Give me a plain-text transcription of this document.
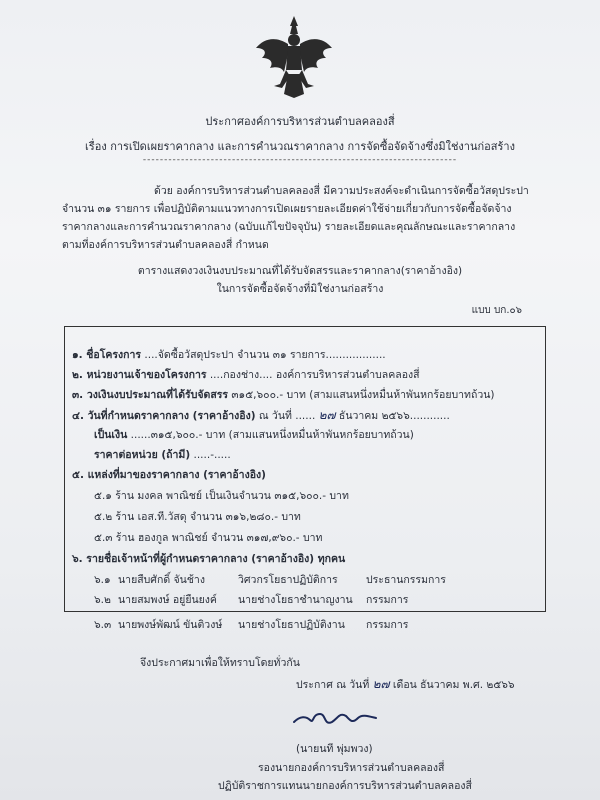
ประกาศองค์การบริหารส่วนตำบลคลองสี่
เรื่อง การเปิดเผยราคากลาง และการคำนวณราคากลาง การจัดซื้อจัดจ้างซึ่งมิใช่งานก่อสร้าง
--------------------------------------------------------------------------
ด้วย องค์การบริหารส่วนตำบลคลองสี่ มีความประสงค์จะดำเนินการจัดซื้อวัสดุประปา จำนวน ๓๑ รายการ เพื่อปฏิบัติตามแนวทางการเปิดเผยรายละเอียดค่าใช้จ่ายเกี่ยวกับการจัดซื้อจัดจ้างราคากลางและการคำนวณราคากลาง (ฉบับแก้ไขปัจจุบัน) รายละเอียดและคุณลักษณะและราคากลาง ตามที่องค์การบริหารส่วนตำบลคลองสี่ กำหนด
ตารางแสดงวงเงินงบประมาณที่ได้รับจัดสรรและราคากลาง(ราคาอ้างอิง)
ในการจัดซื้อจัดจ้างที่มิใช่งานก่อสร้าง
แบบ บก.๐๖
๑. ชื่อโครงการ ....จัดซื้อวัสดุประปา จำนวน ๓๑ รายการ..................
๒. หน่วยงานเจ้าของโครงการ ....กองช่าง.... องค์การบริหารส่วนตำบลคลองสี่
๓. วงเงินงบประมาณที่ได้รับจัดสรร ๓๑๕,๖๐๐.- บาท (สามแสนหนึ่งหมื่นห้าพันหกร้อยบาทถ้วน)
๔. วันที่กำหนดราคากลาง (ราคาอ้างอิง) ณ วันที่ ...... ๒๗ ธันวาคม ๒๕๖๖............
เป็นเงิน ......๓๑๕,๖๐๐.- บาท (สามแสนหนึ่งหมื่นห้าพันหกร้อยบาทถ้วน)
ราคาต่อหน่วย (ถ้ามี) .....-.....
๕. แหล่งที่มาของราคากลาง (ราคาอ้างอิง)
๕.๑ ร้าน มงคล พาณิชย์ เป็นเงินจำนวน ๓๑๕,๖๐๐.- บาท
๕.๒ ร้าน เอส.ที.วัสดุ จำนวน ๓๑๖,๒๘๐.- บาท
๕.๓ ร้าน ฮองกูล พาณิชย์ จำนวน ๓๑๗,๙๖๐.- บาท
๖. รายชื่อเจ้าหน้าที่ผู้กำหนดราคากลาง (ราคาอ้างอิง) ทุกคน
๖.๑ นายสืบศักดิ์ จันช้าง	วิศวกรโยธาปฏิบัติการ	ประธานกรรมการ
๖.๒ นายสมพงษ์ อยู่ยืนยงค์ นายช่างโยธาชำนาญงาน กรรมการ
๖.๓ นายพงษ์พัฒน์ ขันติวงษ์ นายช่างโยธาปฏิบัติงาน กรรมการ
จึงประกาศมาเพื่อให้ทราบโดยทั่วกัน
ประกาศ ณ วันที่ ๒๗ เดือน ธันวาคม พ.ศ. ๒๕๖๖
(นายนที พุ่มพวง)
รองนายกองค์การบริหารส่วนตำบลคลองสี่
ปฏิบัติราชการแทนนายกองค์การบริหารส่วนตำบลคลองสี่
